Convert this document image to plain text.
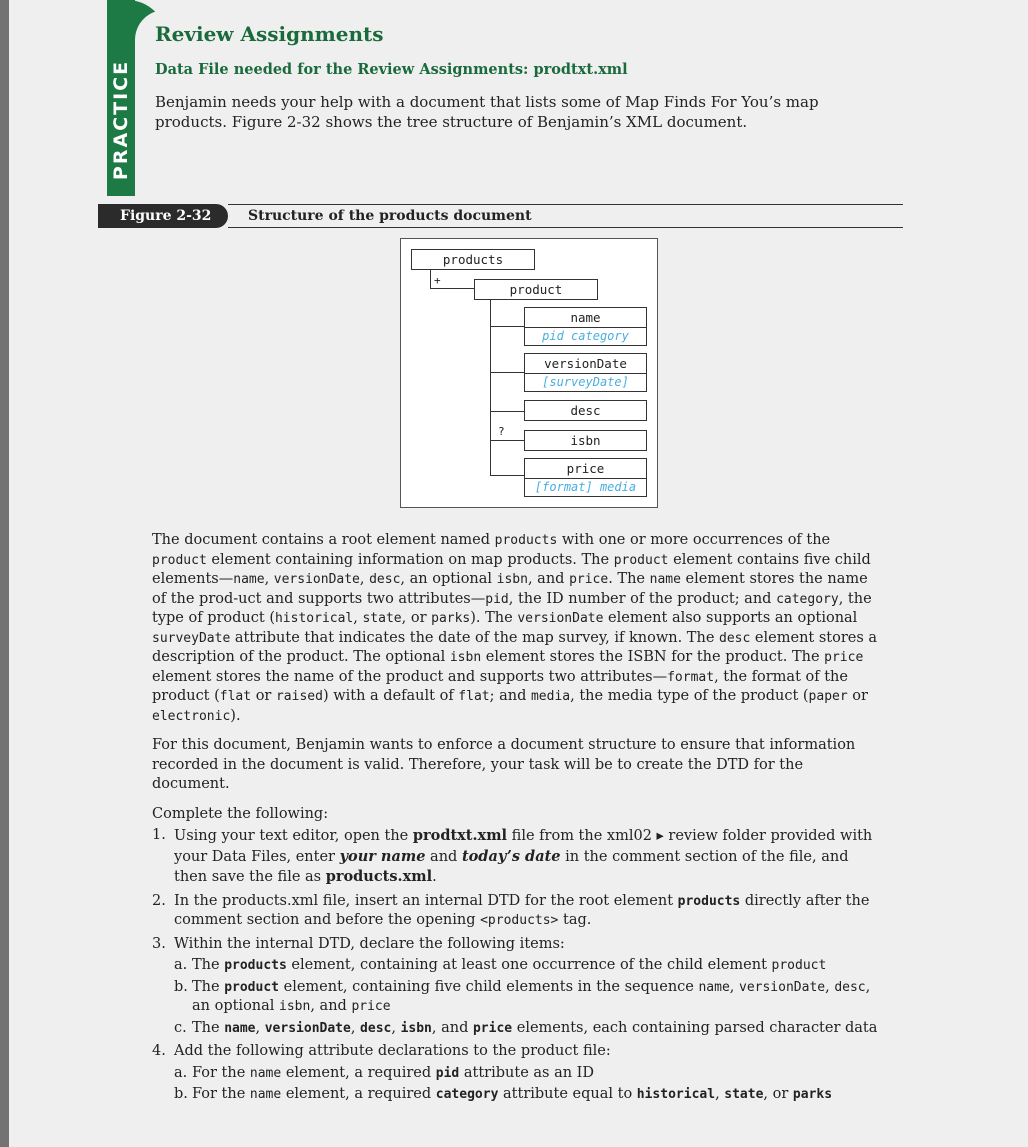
PRACTICE
Review Assignments
Data File needed for the Review Assignments: prodtxt.xml
Benjamin needs your help with a document that lists some of Map Finds For You’s map products. Figure 2-32 shows the tree structure of Benjamin’s XML document.
Figure 2-32	Structure of the products document
+
?
products
product
name
pid category
versionDate
[surveyDate]
desc
isbn
price
[format] media

The document contains a root element named products with one or more occurrences of the product element containing information on map products. The product element contains five child elements—name, versionDate, desc, an optional isbn, and price. The name element stores the name of the prod-uct and supports two attributes—pid, the ID number of the product; and category, the type of product (historical, state, or parks). The versionDate element also supports an optional surveyDate attribute that indicates the date of the map survey, if known. The desc element stores a description of the product. The optional isbn element stores the ISBN for the product. The price element stores the name of the product and supports two attributes—format, the format of the product (flat or raised) with a default of flat; and media, the media type of the product (paper or electronic).

For this document, Benjamin wants to enforce a document structure to ensure that information recorded in the document is valid. Therefore, your task will be to create the DTD for the document.

Complete the following:

1. Using your text editor, open the prodtxt.xml file from the xml02 ▸ review folder provided with your Data Files, enter your name and today’s date in the comment section of the file, and then save the file as products.xml.
2. In the products.xml file, insert an internal DTD for the root element products directly after the comment section and before the opening <products> tag.
3. Within the internal DTD, declare the following items:
a. The products element, containing at least one occurrence of the child element product
b. The product element, containing five child elements in the sequence name, versionDate, desc, an optional isbn, and price
c. The name, versionDate, desc, isbn, and price elements, each containing parsed character data
4. Add the following attribute declarations to the product file:
a. For the name element, a required pid attribute as an ID
b. For the name element, a required category attribute equal to historical, state, or parks
